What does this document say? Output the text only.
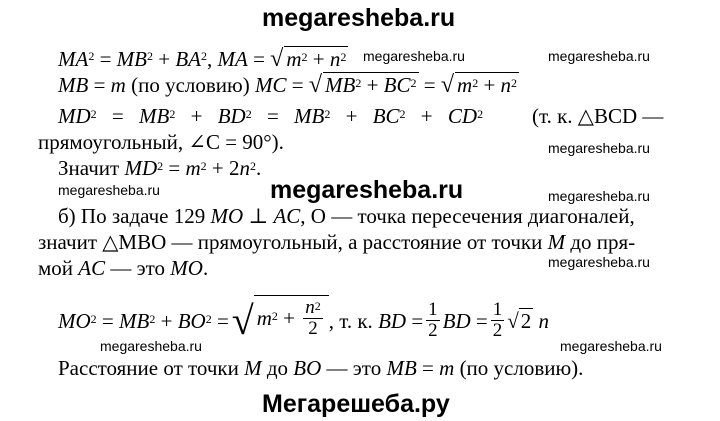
megaresheba.ru
$MA^2 = MB^2 + BA^2$, MA = √ $m^2 + n^2$ megaresheba.ru	megaresheba.ru
MB = m (по условию) MC = √ $MB^2 + BC^2$ = √ $m^2 + n^2$
$MD^2 = MB^2 + BD^2 = MB^2 + BC^2 + CD^2$ (т. к. △BCD —
прямоугольный, ∠C = 90°).	megaresheba.ru
Значит $MD^2 = m^2 + 2n^2$.
megaresheba.ru	megaresheba.ru	megaresheba.ru
б) По задаче 129 MO ⊥ AC, О — точка пересечения диагоналей,
значит △MBO — прямоугольный, а расстояние от точки M до пря-
мой AC — это MO.	megaresheba.ru
$MO^2 = MB^2 + BO^2$ = √ $m^2 + \frac{n^2}{2}$ , т. к. BD = $\frac{1}{2}$ BD = $\frac{1}{2} √2$ n
megaresheba.ru	megaresheba.ru
Расстояние от точки M до BO — это MB = m (по условию).
Мегарешеба.ру
